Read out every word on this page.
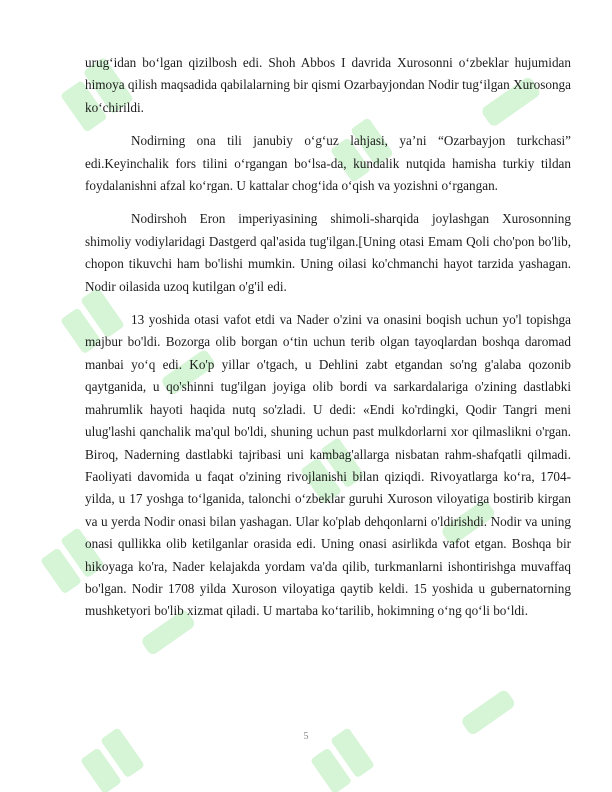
urug‘idan bo‘lgan qizilbosh edi. Shoh Abbos I davrida Xurosonni o‘zbeklar hujumidan himoya qilish maqsadida qabilalarning bir qismi Ozarbayjondan Nodir tug‘ilgan Xurosonga ko‘chirildi.

Nodirning ona tili janubiy o‘g‘uz lahjasi, ya’ni “Ozarbayjon turkchasi” edi.Keyinchalik fors tilini o‘rgangan bo‘lsa-da, kundalik nutqida hamisha turkiy tildan foydalanishni afzal ko‘rgan. U kattalar chog‘ida o‘qish va yozishni o‘rgangan.

Nodirshoh Eron imperiyasining shimoli-sharqida joylashgan Xurosonning shimoliy vodiylaridagi Dastgerd qal'asida tug'ilgan.[Uning otasi Emam Qoli cho'pon bo'lib, chopon tikuvchi ham bo'lishi mumkin. Uning oilasi ko'chmanchi hayot tarzida yashagan. Nodir oilasida uzoq kutilgan o'g'il edi.

13 yoshida otasi vafot etdi va Nader o'zini va onasini boqish uchun yo'l topishga majbur bo'ldi. Bozorga olib borgan o‘tin uchun terib olgan tayoqlardan boshqa daromad manbai yo‘q edi. Ko'p yillar o'tgach, u Dehlini zabt etgandan so'ng g'alaba qozonib qaytganida, u qo'shinni tug'ilgan joyiga olib bordi va sarkardalariga o'zining dastlabki mahrumlik hayoti haqida nutq so'zladi. U dedi: «Endi ko'rdingki, Qodir Tangri meni ulug'lashi qanchalik ma'qul bo'ldi, shuning uchun past mulkdorlarni xor qilmaslikni o'rgan. Biroq, Naderning dastlabki tajribasi uni kambag'allarga nisbatan rahm-shafqatli qilmadi. Faoliyati davomida u faqat o'zining rivojlanishi bilan qiziqdi. Rivoyatlarga ko‘ra, 1704-yilda, u 17 yoshga to‘lganida, talonchi o‘zbeklar guruhi Xuroson viloyatiga bostirib kirgan va u yerda Nodir onasi bilan yashagan. Ular ko'plab dehqonlarni o'ldirishdi. Nodir va uning onasi qullikka olib ketilganlar orasida edi. Uning onasi asirlikda vafot etgan. Boshqa bir hikoyaga ko'ra, Nader kelajakda yordam va'da qilib, turkmanlarni ishontirishga muvaffaq bo'lgan. Nodir 1708 yilda Xuroson viloyatiga qaytib keldi. 15 yoshida u gubernatorning mushketyori bo'lib xizmat qiladi. U martaba ko‘tarilib, hokimning o‘ng qo‘li bo‘ldi.

5
